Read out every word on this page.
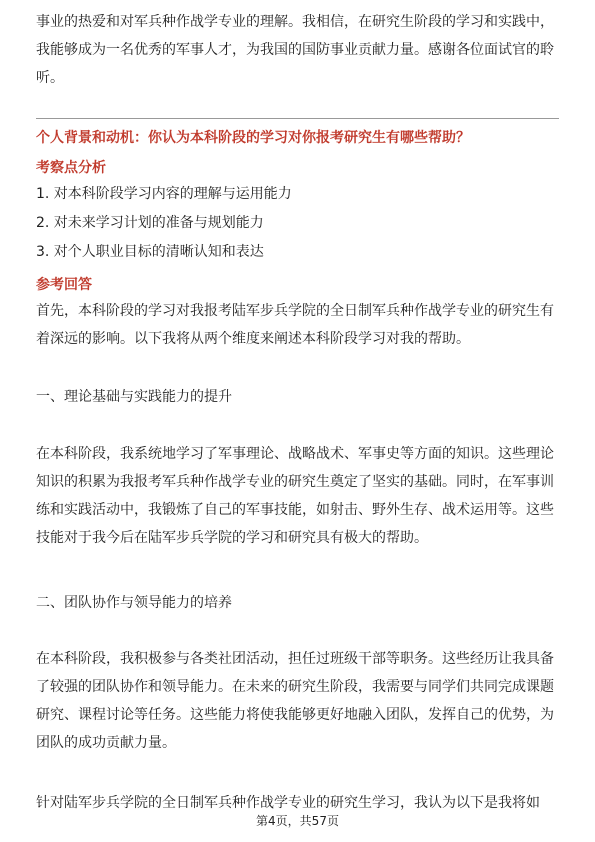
事业的热爱和对军兵种作战学专业的理解。我相信，在研究生阶段的学习和实践中，我能够成为一名优秀的军事人才，为我国的国防事业贡献力量。感谢各位面试官的聆听。

个人背景和动机：你认为本科阶段的学习对你报考研究生有哪些帮助？
考察点分析
1. 对本科阶段学习内容的理解与运用能力
2. 对未来学习计划的准备与规划能力
3. 对个人职业目标的清晰认知和表达
参考回答

首先，本科阶段的学习对我报考陆军步兵学院的全日制军兵种作战学专业的研究生有着深远的影响。以下我将从两个维度来阐述本科阶段学习对我的帮助。

一、理论基础与实践能力的提升

在本科阶段，我系统地学习了军事理论、战略战术、军事史等方面的知识。这些理论知识的积累为我报考军兵种作战学专业的研究生奠定了坚实的基础。同时，在军事训练和实践活动中，我锻炼了自己的军事技能，如射击、野外生存、战术运用等。这些技能对于我今后在陆军步兵学院的学习和研究具有极大的帮助。

二、团队协作与领导能力的培养

在本科阶段，我积极参与各类社团活动，担任过班级干部等职务。这些经历让我具备了较强的团队协作和领导能力。在未来的研究生阶段，我需要与同学们共同完成课题研究、课程讨论等任务。这些能力将使我能够更好地融入团队，发挥自己的优势，为团队的成功贡献力量。

针对陆军步兵学院的全日制军兵种作战学专业的研究生学习，我认为以下是我将如

第4页，共57页
